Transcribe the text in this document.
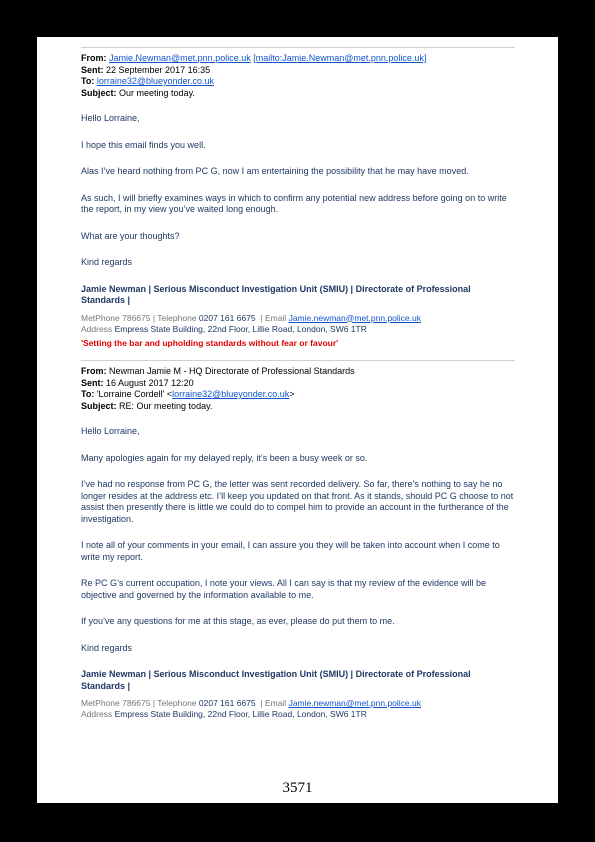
From: Jamie.Newman@met.pnn.police.uk [mailto:Jamie.Newman@met.pnn.police.uk]
Sent: 22 September 2017 16:35
To: lorraine32@blueyonder.co.uk
Subject: Our meeting today.

Hello Lorraine,

I hope this email finds you well.

Alas I’ve heard nothing from PC G, now I am entertaining the possibility that he may have moved.

As such, I will briefly examines ways in which to confirm any potential new address before going on to write the report, in my view you’ve waited long enough.

What are your thoughts?

Kind regards

Jamie Newman | Serious Misconduct Investigation Unit (SMIU) | Directorate of Professional Standards |
MetPhone 786675 | Telephone 0207 161 6675 | Email Jamie.newman@met.pnn.police.uk
Address Empress State Building, 22nd Floor, Lillie Road, London, SW6 1TR
'Setting the bar and upholding standards without fear or favour'
From: Newman Jamie M - HQ Directorate of Professional Standards
Sent: 16 August 2017 12:20
To: 'Lorraine Cordell' <lorraine32@blueyonder.co.uk>
Subject: RE: Our meeting today.

Hello Lorraine,

Many apologies again for my delayed reply, it’s been a busy week or so.

I’ve had no response from PC G, the letter was sent recorded delivery. So far, there’s nothing to say he no longer resides at the address etc. I’ll keep you updated on that front. As it stands, should PC G choose to not assist then presently there is little we could do to compel him to provide an account in the furtherance of the investigation.

I note all of your comments in your email, I can assure you they will be taken into account when I come to write my report.

Re PC G’s current occupation, I note your views. All I can say is that my review of the evidence will be objective and governed by the information available to me.

If you’ve any questions for me at this stage, as ever, please do put them to me.

Kind regards

Jamie Newman | Serious Misconduct Investigation Unit (SMIU) | Directorate of Professional Standards |
MetPhone 786675 | Telephone 0207 161 6675 | Email Jamie.newman@met.pnn.police.uk
Address Empress State Building, 22nd Floor, Lillie Road, London, SW6 1TR
3571
